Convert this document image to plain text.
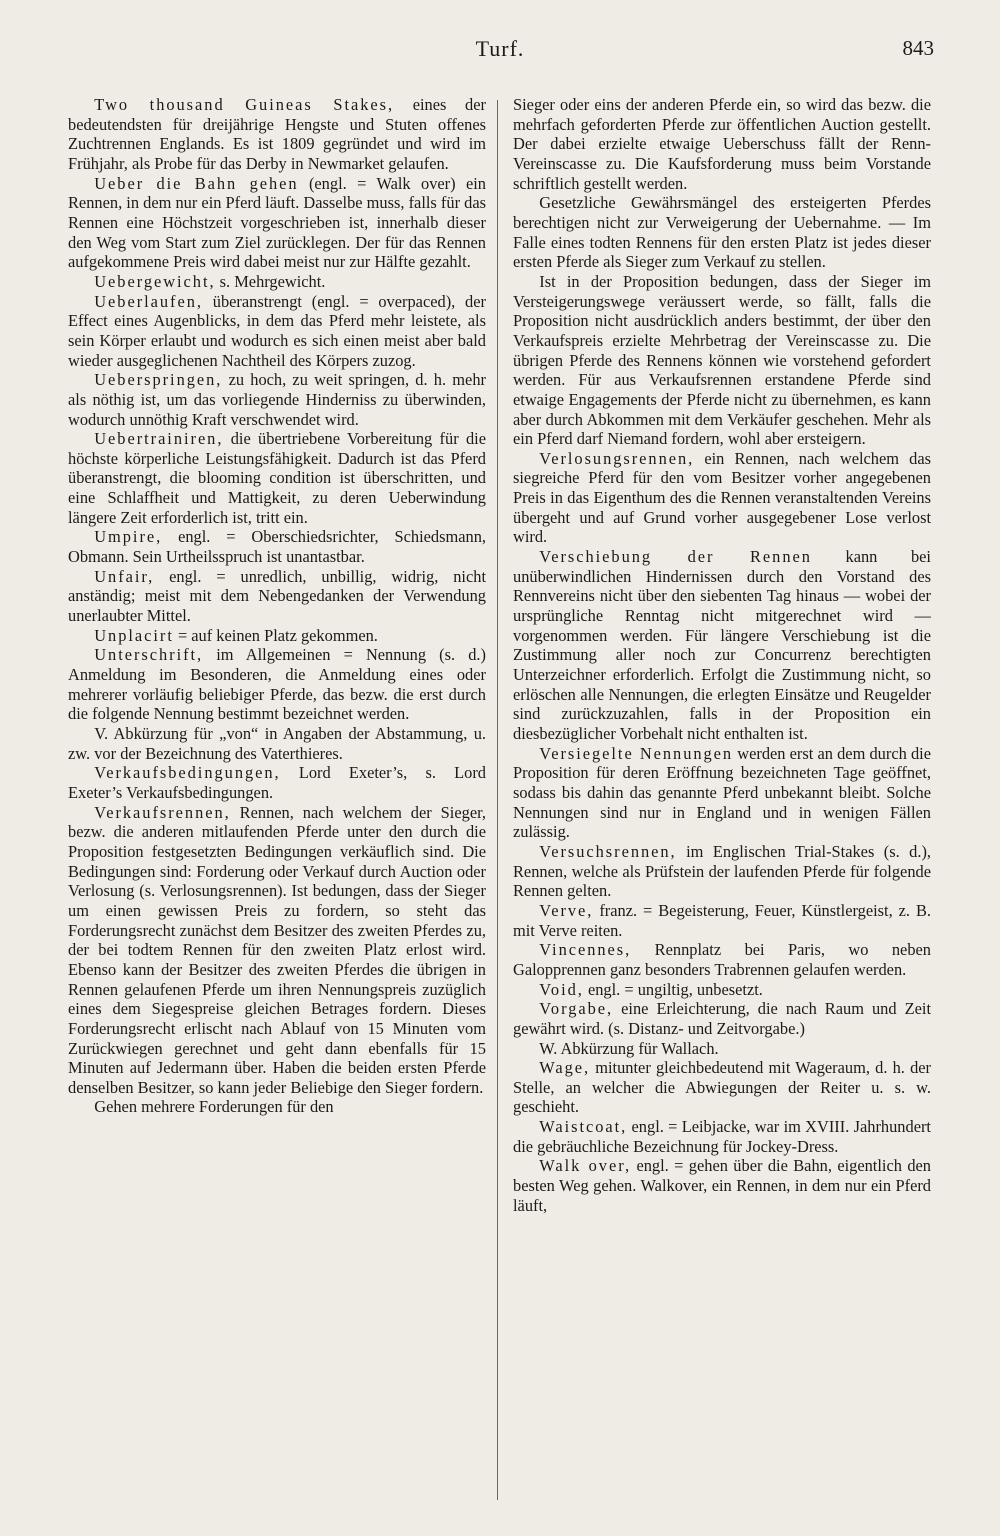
Turf.	843

Two thousand Guineas Stakes, eines der bedeutendsten für dreijährige Hengste und Stuten offenes Zuchtrennen Englands. Es ist 1809 gegründet und wird im Frühjahr, als Probe für das Derby in Newmarket gelaufen.

Ueber die Bahn gehen (engl. = Walk over) ein Rennen, in dem nur ein Pferd läuft. Dasselbe muss, falls für das Rennen eine Höchstzeit vorgeschrieben ist, innerhalb dieser den Weg vom Start zum Ziel zurücklegen. Der für das Rennen aufgekommene Preis wird dabei meist nur zur Hälfte gezahlt.

Uebergewicht, s. Mehrgewicht.

Ueberlaufen, überanstrengt (engl. = overpaced), der Effect eines Augenblicks, in dem das Pferd mehr leistete, als sein Körper erlaubt und wodurch es sich einen meist aber bald wieder ausgeglichenen Nachtheil des Körpers zuzog.

Ueberspringen, zu hoch, zu weit springen, d. h. mehr als nöthig ist, um das vorliegende Hinderniss zu überwinden, wodurch unnöthig Kraft verschwendet wird.

Uebertrainiren, die übertriebene Vorbereitung für die höchste körperliche Leistungsfähigkeit. Dadurch ist das Pferd überanstrengt, die blooming condition ist überschritten, und eine Schlaffheit und Mattigkeit, zu deren Ueberwindung längere Zeit erforderlich ist, tritt ein.

Umpire, engl. = Oberschiedsrichter, Schiedsmann, Obmann. Sein Urtheilsspruch ist unantastbar.

Unfair, engl. = unredlich, unbillig, widrig, nicht anständig; meist mit dem Nebengedanken der Verwendung unerlaubter Mittel.

Unplacirt = auf keinen Platz gekommen.

Unterschrift, im Allgemeinen = Nennung (s. d.) Anmeldung im Besonderen, die Anmeldung eines oder mehrerer vorläufig beliebiger Pferde, das bezw. die erst durch die folgende Nennung bestimmt bezeichnet werden.

V. Abkürzung für „von“ in Angaben der Abstammung, u. zw. vor der Bezeichnung des Vaterthieres.

Verkaufsbedingungen, Lord Exeter’s, s. Lord Exeter’s Verkaufsbedingungen.

Verkaufsrennen, Rennen, nach welchem der Sieger, bezw. die anderen mitlaufenden Pferde unter den durch die Proposition festgesetzten Bedingungen verkäuflich sind. Die Bedingungen sind: Forderung oder Verkauf durch Auction oder Verlosung (s. Verlosungsrennen). Ist bedungen, dass der Sieger um einen gewissen Preis zu fordern, so steht das Forderungsrecht zunächst dem Besitzer des zweiten Pferdes zu, der bei todtem Rennen für den zweiten Platz erlost wird. Ebenso kann der Besitzer des zweiten Pferdes die übrigen in Rennen gelaufenen Pferde um ihren Nennungspreis zuzüglich eines dem Siegespreise gleichen Betrages fordern. Dieses Forderungsrecht erlischt nach Ablauf von 15 Minuten vom Zurückwiegen gerechnet und geht dann ebenfalls für 15 Minuten auf Jedermann über. Haben die beiden ersten Pferde denselben Besitzer, so kann jeder Beliebige den Sieger fordern.

Gehen mehrere Forderungen für den

Sieger oder eins der anderen Pferde ein, so wird das bezw. die mehrfach geforderten Pferde zur öffentlichen Auction gestellt. Der dabei erzielte etwaige Ueberschuss fällt der Renn-Vereinscasse zu. Die Kaufsforderung muss beim Vorstande schriftlich gestellt werden.

Gesetzliche Gewährsmängel des ersteigerten Pferdes berechtigen nicht zur Verweigerung der Uebernahme. — Im Falle eines todten Rennens für den ersten Platz ist jedes dieser ersten Pferde als Sieger zum Verkauf zu stellen.

Ist in der Proposition bedungen, dass der Sieger im Versteigerungswege veräussert werde, so fällt, falls die Proposition nicht ausdrücklich anders bestimmt, der über den Verkaufspreis erzielte Mehrbetrag der Vereinscasse zu. Die übrigen Pferde des Rennens können wie vorstehend gefordert werden. Für aus Verkaufsrennen erstandene Pferde sind etwaige Engagements der Pferde nicht zu übernehmen, es kann aber durch Abkommen mit dem Verkäufer geschehen. Mehr als ein Pferd darf Niemand fordern, wohl aber ersteigern.

Verlosungsrennen, ein Rennen, nach welchem das siegreiche Pferd für den vom Besitzer vorher angegebenen Preis in das Eigenthum des die Rennen veranstaltenden Vereins übergeht und auf Grund vorher ausgegebener Lose verlost wird.

Verschiebung der Rennen kann bei unüberwindlichen Hindernissen durch den Vorstand des Rennvereins nicht über den siebenten Tag hinaus — wobei der ursprüngliche Renntag nicht mitgerechnet wird — vorgenommen werden. Für längere Verschiebung ist die Zustimmung aller noch zur Concurrenz berechtigten Unterzeichner erforderlich. Erfolgt die Zustimmung nicht, so erlöschen alle Nennungen, die erlegten Einsätze und Reugelder sind zurückzuzahlen, falls in der Proposition ein diesbezüglicher Vorbehalt nicht enthalten ist.

Versiegelte Nennungen werden erst an dem durch die Proposition für deren Eröffnung bezeichneten Tage geöffnet, sodass bis dahin das genannte Pferd unbekannt bleibt. Solche Nennungen sind nur in England und in wenigen Fällen zulässig.

Versuchsrennen, im Englischen Trial-Stakes (s. d.), Rennen, welche als Prüfstein der laufenden Pferde für folgende Rennen gelten.

Verve, franz. = Begeisterung, Feuer, Künstlergeist, z. B. mit Verve reiten.

Vincennes, Rennplatz bei Paris, wo neben Galopprennen ganz besonders Trabrennen gelaufen werden.

Void, engl. = ungiltig, unbesetzt.

Vorgabe, eine Erleichterung, die nach Raum und Zeit gewährt wird. (s. Distanz- und Zeitvorgabe.)

W. Abkürzung für Wallach.

Wage, mitunter gleichbedeutend mit Wageraum, d. h. der Stelle, an welcher die Abwiegungen der Reiter u. s. w. geschieht.

Waistcoat, engl. = Leibjacke, war im XVIII. Jahrhundert die gebräuchliche Bezeichnung für Jockey-Dress.

Walk over, engl. = gehen über die Bahn, eigentlich den besten Weg gehen. Walkover, ein Rennen, in dem nur ein Pferd läuft,
